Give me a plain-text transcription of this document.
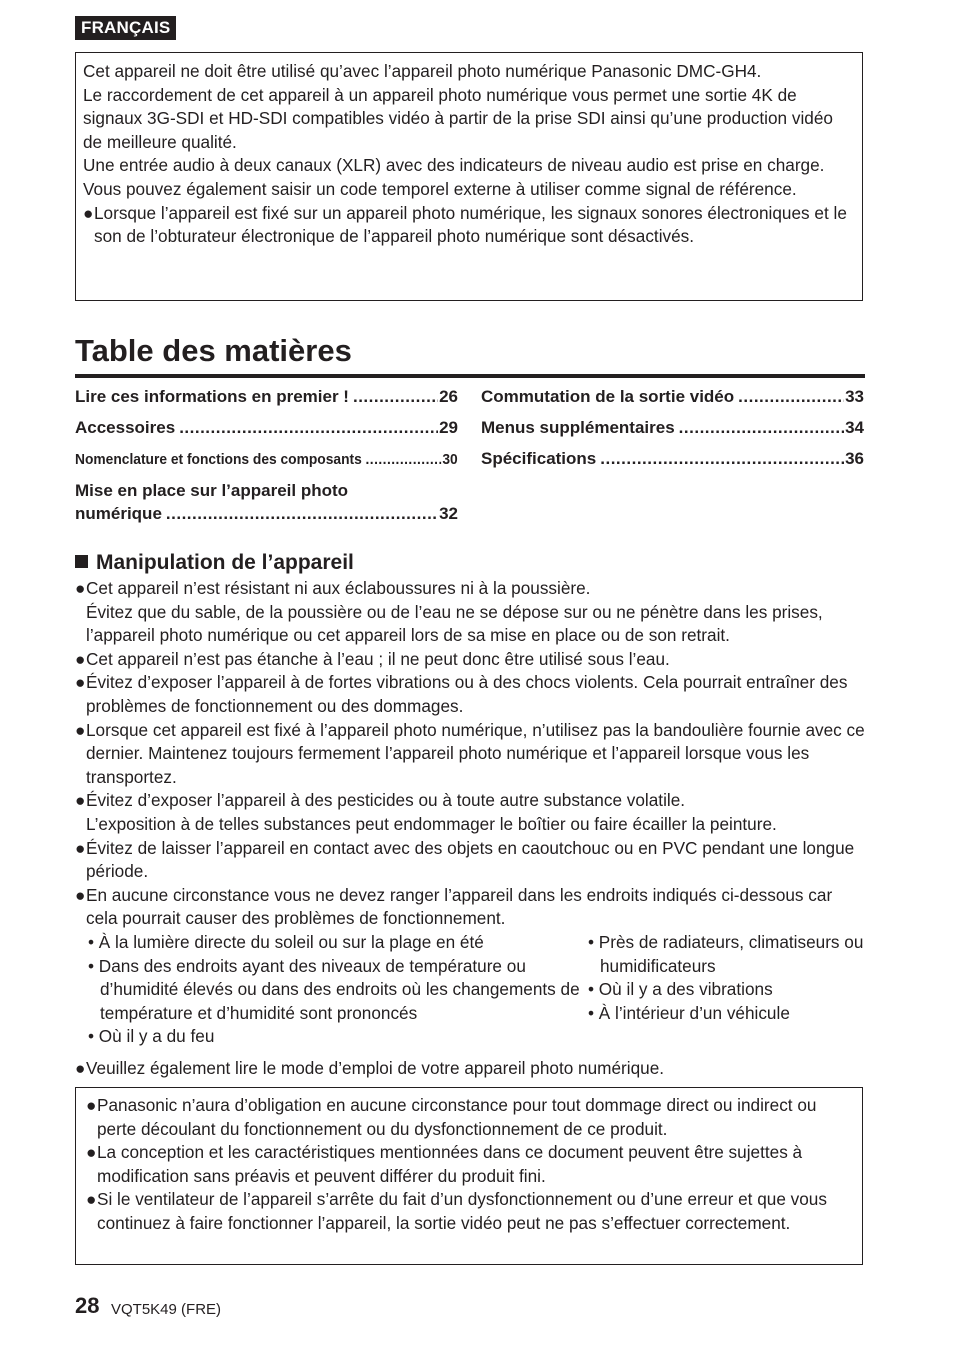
FRANÇAIS

Cet appareil ne doit être utilisé qu’avec l’appareil photo numérique Panasonic DMC-GH4.

Le raccordement de cet appareil à un appareil photo numérique vous permet une sortie 4K de signaux 3G-SDI et HD-SDI compatibles vidéo à partir de la prise SDI ainsi qu’une production vidéo de meilleure qualité.

Une entrée audio à deux canaux (XLR) avec des indicateurs de niveau audio est prise en charge.

Vous pouvez également saisir un code temporel externe à utiliser comme signal de référence.

●Lorsque l’appareil est fixé sur un appareil photo numérique, les signaux sonores électroniques et le son de l’obturateur électronique de l’appareil photo numérique sont désactivés.

Table des matières
Lire ces informations en premier ! .....	26
Accessoires .....	29
Nomenclature et fonctions des composants .....	30
Mise en place sur l’appareil photo
numérique .....	32
Commutation de la sortie vidéo .....	33
Menus supplémentaires .....	34
Spécifications .....	36
Manipulation de l’appareil

●Cet appareil n’est résistant ni aux éclaboussures ni à la poussière.

Évitez que du sable, de la poussière ou de l’eau ne se dépose sur ou ne pénètre dans les prises, l’appareil photo numérique ou cet appareil lors de sa mise en place ou de son retrait.

●Cet appareil n’est pas étanche à l’eau ; il ne peut donc être utilisé sous l’eau.

●Évitez d’exposer l’appareil à de fortes vibrations ou à des chocs violents. Cela pourrait entraîner des problèmes de fonctionnement ou des dommages.

●Lorsque cet appareil est fixé à l’appareil photo numérique, n’utilisez pas la bandoulière fournie avec ce dernier. Maintenez toujours fermement l’appareil photo numérique et l’appareil lorsque vous les transportez.

●Évitez d’exposer l’appareil à des pesticides ou à toute autre substance volatile.

L’exposition à de telles substances peut endommager le boîtier ou faire écailler la peinture.

●Évitez de laisser l’appareil en contact avec des objets en caoutchouc ou en PVC pendant une longue période.

●En aucune circonstance vous ne devez ranger l’appareil dans les endroits indiqués ci-dessous car cela pourrait causer des problèmes de fonctionnement.

• À la lumière directe du soleil ou sur la plage en été

• Dans des endroits ayant des niveaux de température ou d’humidité élevés ou dans des endroits où les changements de température et d’humidité sont prononcés

• Où il y a du feu

• Près de radiateurs, climatiseurs ou humidificateurs

• Où il y a des vibrations

• À l’intérieur d’un véhicule

●Veuillez également lire le mode d’emploi de votre appareil photo numérique.

●Panasonic n’aura d’obligation en aucune circonstance pour tout dommage direct ou indirect ou perte découlant du fonctionnement ou du dysfonctionnement de ce produit.

●La conception et les caractéristiques mentionnées dans ce document peuvent être sujettes à modification sans préavis et peuvent différer du produit fini.

●Si le ventilateur de l’appareil s’arrête du fait d’un dysfonctionnement ou d’une erreur et que vous continuez à faire fonctionner l’appareil, la sortie vidéo peut ne pas s’effectuer correctement.

28 VQT5K49 (FRE)
